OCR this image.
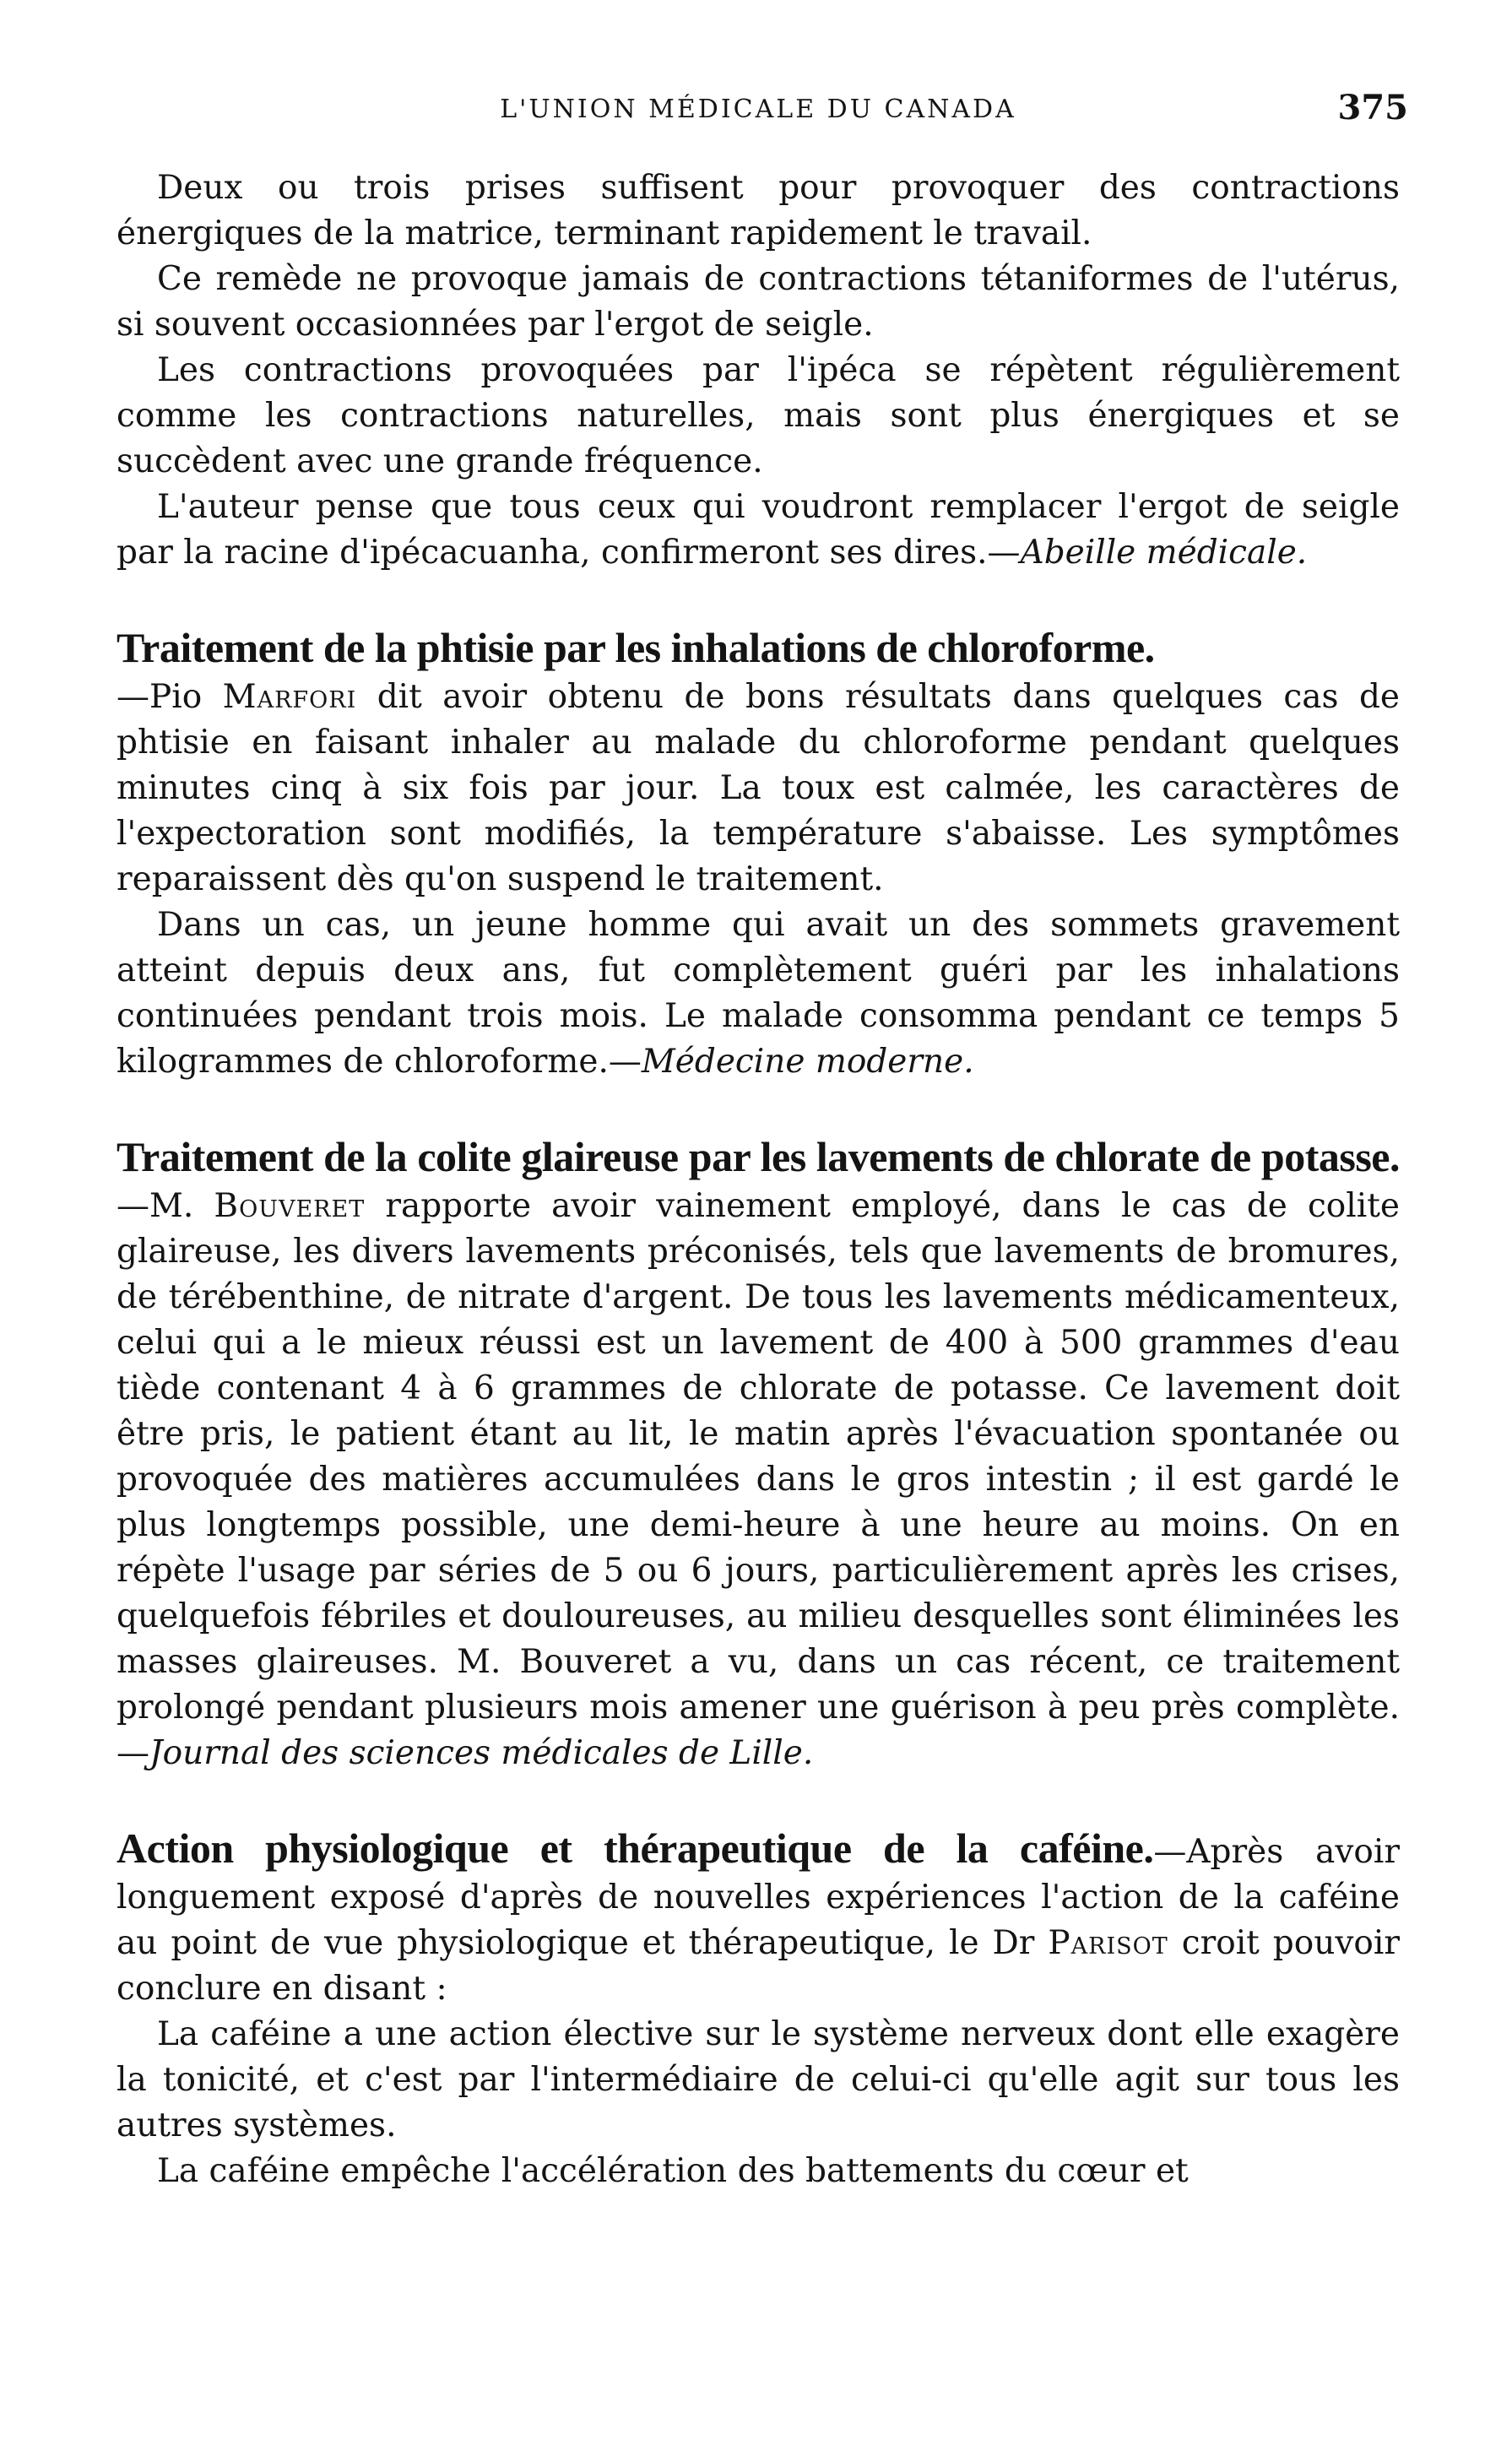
L'UNION MÉDICALE DU CANADA	375

Deux ou trois prises suffisent pour provoquer des contractions énergiques de la matrice, terminant rapidement le travail.

Ce remède ne provoque jamais de contractions tétaniformes de l'utérus, si souvent occasionnées par l'ergot de seigle.

Les contractions provoquées par l'ipéca se répètent régulièrement comme les contractions naturelles, mais sont plus énergiques et se succèdent avec une grande fréquence.

L'auteur pense que tous ceux qui voudront remplacer l'ergot de seigle par la racine d'ipécacuanha, confirmeront ses dires.—Abeille médicale.

Traitement de la phtisie par les inhalations de chloroforme.

—Pio Marfori dit avoir obtenu de bons résultats dans quelques cas de phtisie en faisant inhaler au malade du chloroforme pendant quelques minutes cinq à six fois par jour. La toux est calmée, les caractères de l'expectoration sont modifiés, la température s'abaisse. Les symptômes reparaissent dès qu'on suspend le traitement.

Dans un cas, un jeune homme qui avait un des sommets gravement atteint depuis deux ans, fut complètement guéri par les inhalations continuées pendant trois mois. Le malade consomma pendant ce temps 5 kilogrammes de chloroforme.—Médecine moderne.

Traitement de la colite glaireuse par les lavements de chlorate de potasse.—M. Bouveret rapporte avoir vainement employé, dans le cas de colite glaireuse, les divers lavements préconisés, tels que lavements de bromures, de térébenthine, de nitrate d'argent. De tous les lavements médicamenteux, celui qui a le mieux réussi est un lavement de 400 à 500 grammes d'eau tiède contenant 4 à 6 grammes de chlorate de potasse. Ce lavement doit être pris, le patient étant au lit, le matin après l'évacuation spontanée ou provoquée des matières accumulées dans le gros intestin ; il est gardé le plus longtemps possible, une demi-heure à une heure au moins. On en répète l'usage par séries de 5 ou 6 jours, particulièrement après les crises, quelquefois fébriles et douloureuses, au milieu desquelles sont éliminées les masses glaireuses. M. Bouveret a vu, dans un cas récent, ce traitement prolongé pendant plusieurs mois amener une guérison à peu près complète.—Journal des sciences médicales de Lille.

Action physiologique et thérapeutique de la caféine.—Après avoir longuement exposé d'après de nouvelles expériences l'action de la caféine au point de vue physiologique et thérapeutique, le Dr Parisot croit pouvoir conclure en disant :

La caféine a une action élective sur le système nerveux dont elle exagère la tonicité, et c'est par l'intermédiaire de celui-ci qu'elle agit sur tous les autres systèmes.

La caféine empêche l'accélération des battements du cœur et
